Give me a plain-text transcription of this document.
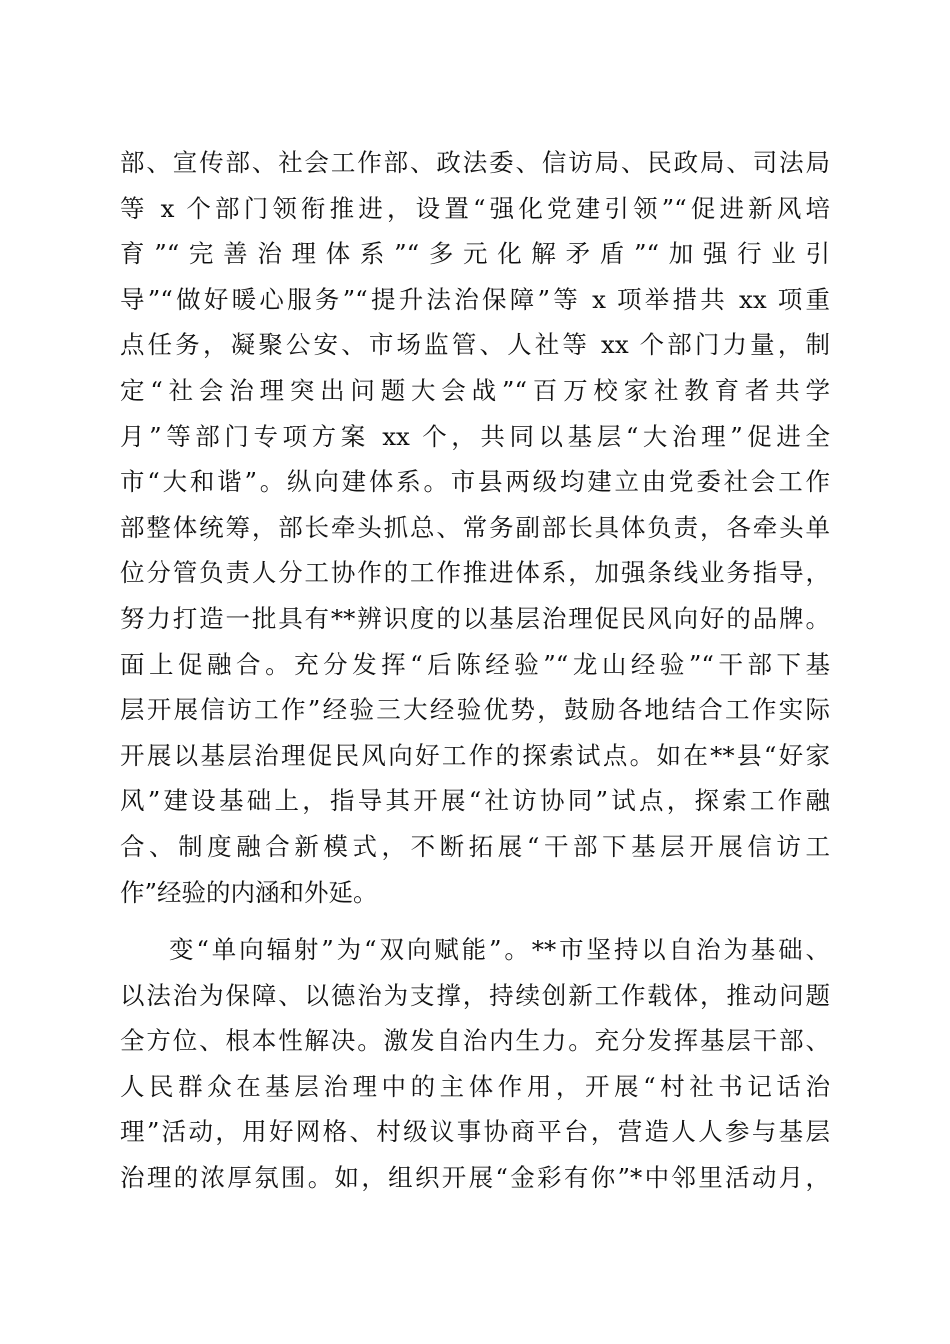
部、宣传部、社会工作部、政法委、信访局、民政局、司法局
等 x 个部门领衔推进，设置“强化党建引领”“促进新风培
育”“完善治理体系”“多元化解矛盾”“加强行业引
导”“做好暖心服务”“提升法治保障”等 x 项举措共 xx 项重
点任务，凝聚公安、市场监管、人社等 xx 个部门力量，制
定“社会治理突出问题大会战”“百万校家社教育者共学
月”等部门专项方案 xx 个，共同以基层“大治理”促进全
市“大和谐”。纵向建体系。市县两级均建立由党委社会工作
部整体统筹，部长牵头抓总、常务副部长具体负责，各牵头单
位分管负责人分工协作的工作推进体系，加强条线业务指导，
努力打造一批具有**辨识度的以基层治理促民风向好的品牌。
面上促融合。充分发挥“后陈经验”“龙山经验”“干部下基
层开展信访工作”经验三大经验优势，鼓励各地结合工作实际
开展以基层治理促民风向好工作的探索试点。如在**县“好家
风”建设基础上，指导其开展“社访协同”试点，探索工作融
合、制度融合新模式，不断拓展“干部下基层开展信访工
作”经验的内涵和外延。
变“单向辐射”为“双向赋能”。**市坚持以自治为基础、
以法治为保障、以德治为支撑，持续创新工作载体，推动问题
全方位、根本性解决。激发自治内生力。充分发挥基层干部、
人民群众在基层治理中的主体作用，开展“村社书记话治
理”活动，用好网格、村级议事协商平台，营造人人参与基层
治理的浓厚氛围。如，组织开展“金彩有你”*中邻里活动月，
